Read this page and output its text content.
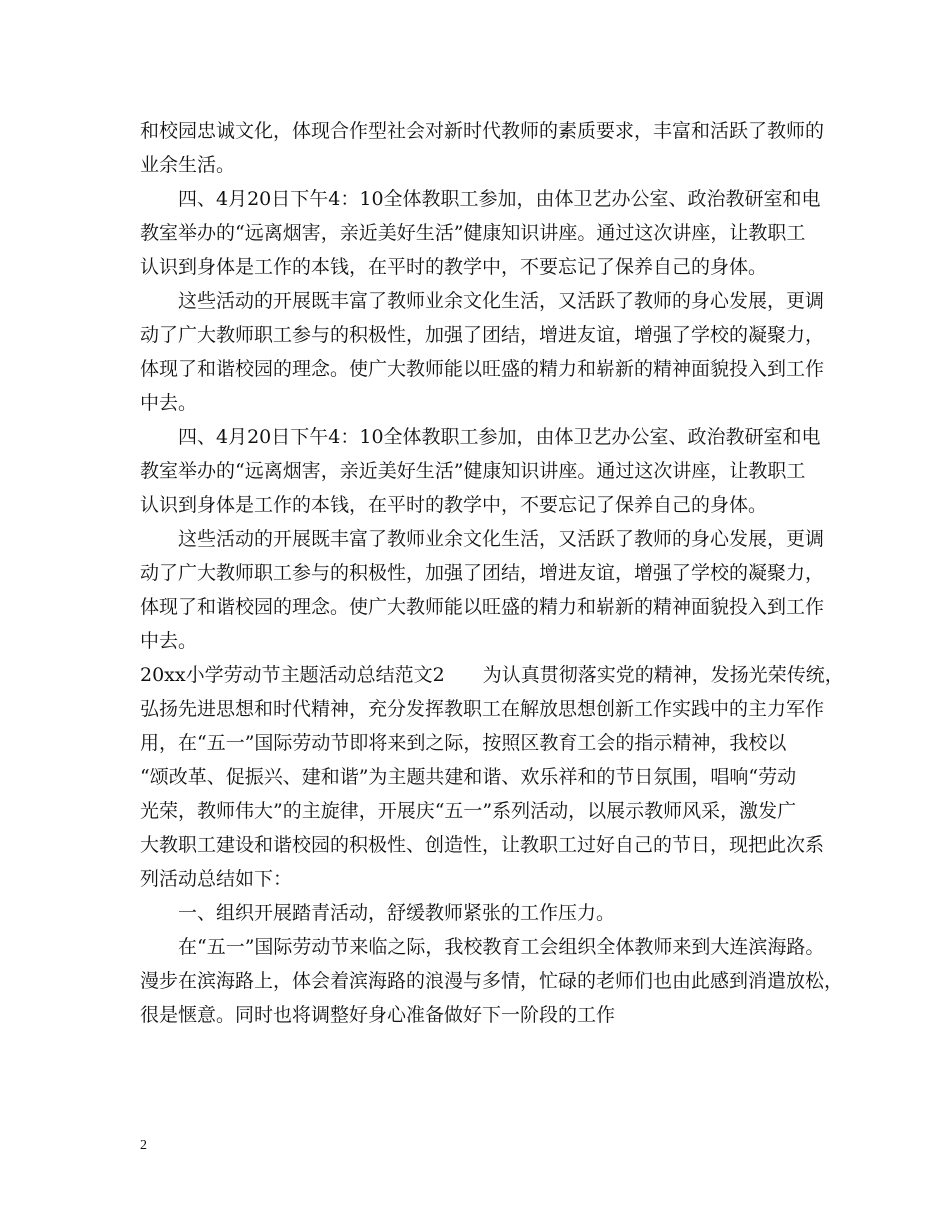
和校园忠诚文化，体现合作型社会对新时代教师的素质要求，丰富和活跃了教师的
业余生活。
　　四、4月20日下午4：10全体教职工参加，由体卫艺办公室、政治教研室和电
教室举办的“远离烟害，亲近美好生活”健康知识讲座。通过这次讲座，让教职工
认识到身体是工作的本钱，在平时的教学中，不要忘记了保养自己的身体。
　　这些活动的开展既丰富了教师业余文化生活，又活跃了教师的身心发展，更调
动了广大教师职工参与的积极性，加强了团结，增进友谊，增强了学校的凝聚力，
体现了和谐校园的理念。使广大教师能以旺盛的精力和崭新的精神面貌投入到工作
中去。
　　四、4月20日下午4：10全体教职工参加，由体卫艺办公室、政治教研室和电
教室举办的“远离烟害，亲近美好生活”健康知识讲座。通过这次讲座，让教职工
认识到身体是工作的本钱，在平时的教学中，不要忘记了保养自己的身体。
　　这些活动的开展既丰富了教师业余文化生活，又活跃了教师的身心发展，更调
动了广大教师职工参与的积极性，加强了团结，增进友谊，增强了学校的凝聚力，
体现了和谐校园的理念。使广大教师能以旺盛的精力和崭新的精神面貌投入到工作
中去。
20xx小学劳动节主题活动总结范文2　　为认真贯彻落实党的精神，发扬光荣传统，
弘扬先进思想和时代精神，充分发挥教职工在解放思想创新工作实践中的主力军作
用，在“五一”国际劳动节即将来到之际，按照区教育工会的指示精神，我校以
“颂改革、促振兴、建和谐”为主题共建和谐、欢乐祥和的节日氛围，唱响“劳动
光荣，教师伟大”的主旋律，开展庆“五一”系列活动，以展示教师风采，激发广
大教职工建设和谐校园的积极性、创造性，让教职工过好自己的节日，现把此次系
列活动总结如下：
　　一、组织开展踏青活动，舒缓教师紧张的工作压力。
　　在“五一”国际劳动节来临之际，我校教育工会组织全体教师来到大连滨海路。
漫步在滨海路上，体会着滨海路的浪漫与多情，忙碌的老师们也由此感到消遣放松，
很是惬意。同时也将调整好身心准备做好下一阶段的工作
2
